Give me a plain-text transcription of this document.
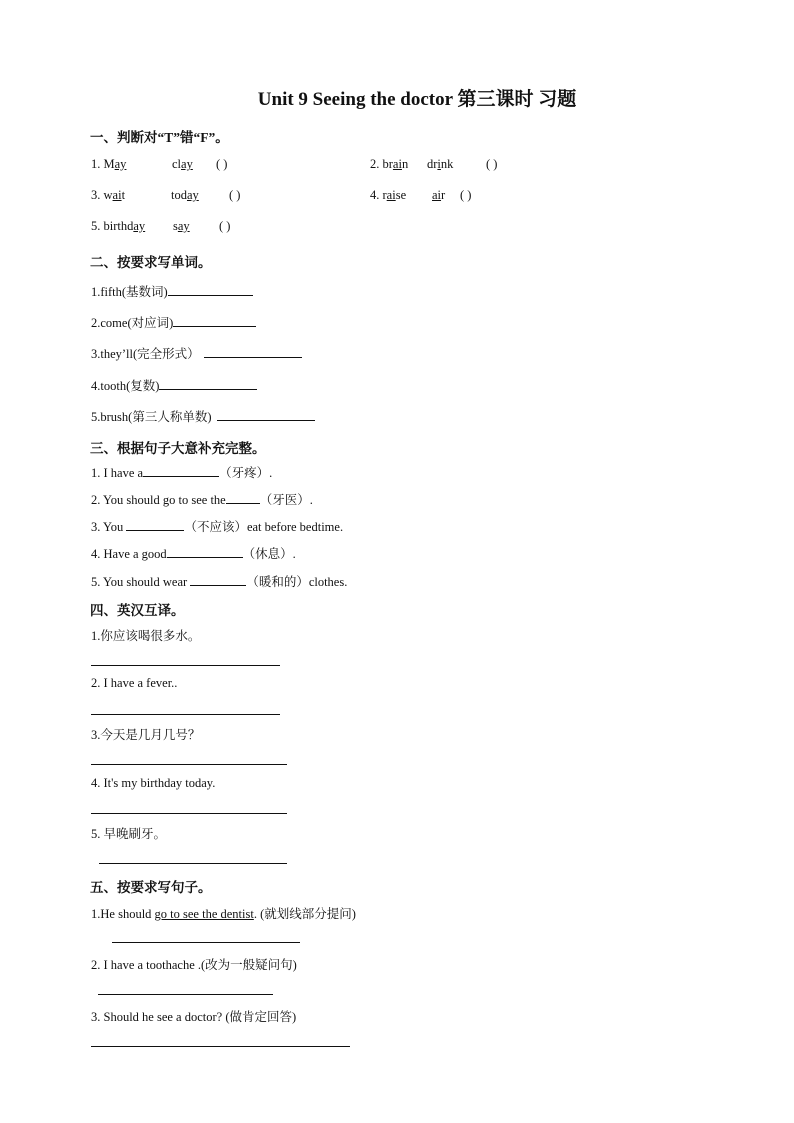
Unit 9 Seeing the doctor 第三课时 习题
一、判断对“T”错“F”。
1. May	clay ( )	2. brain drink	( )
3. wait	today ( )	4. raise air ( )
5. birthday say ( )
二、按要求写单词。
1.fifth(基数词)
2.come(对应词)
3.they’ll(完全形式）
4.tooth(复数)
5.brush(第三人称单数)
三、根据句子大意补充完整。
1. I have a	（牙疼）.
2. You should go to see the	（牙医）.
3. You	（不应该）eat before bedtime.
4. Have a good	（休息）.
5. You should wear	（暖和的）clothes.
四、英汉互译。
1.你应该喝很多水。
2. I have a fever..
3.今天是几月几号？
4. It's my birthday today.
5. 早晚刷牙。
五、按要求写句子。
1.He should go to see the dentist. (就划线部分提问)
2. I have a toothache .(改为一般疑问句)
3. Should he see a doctor? (做肯定回答)
